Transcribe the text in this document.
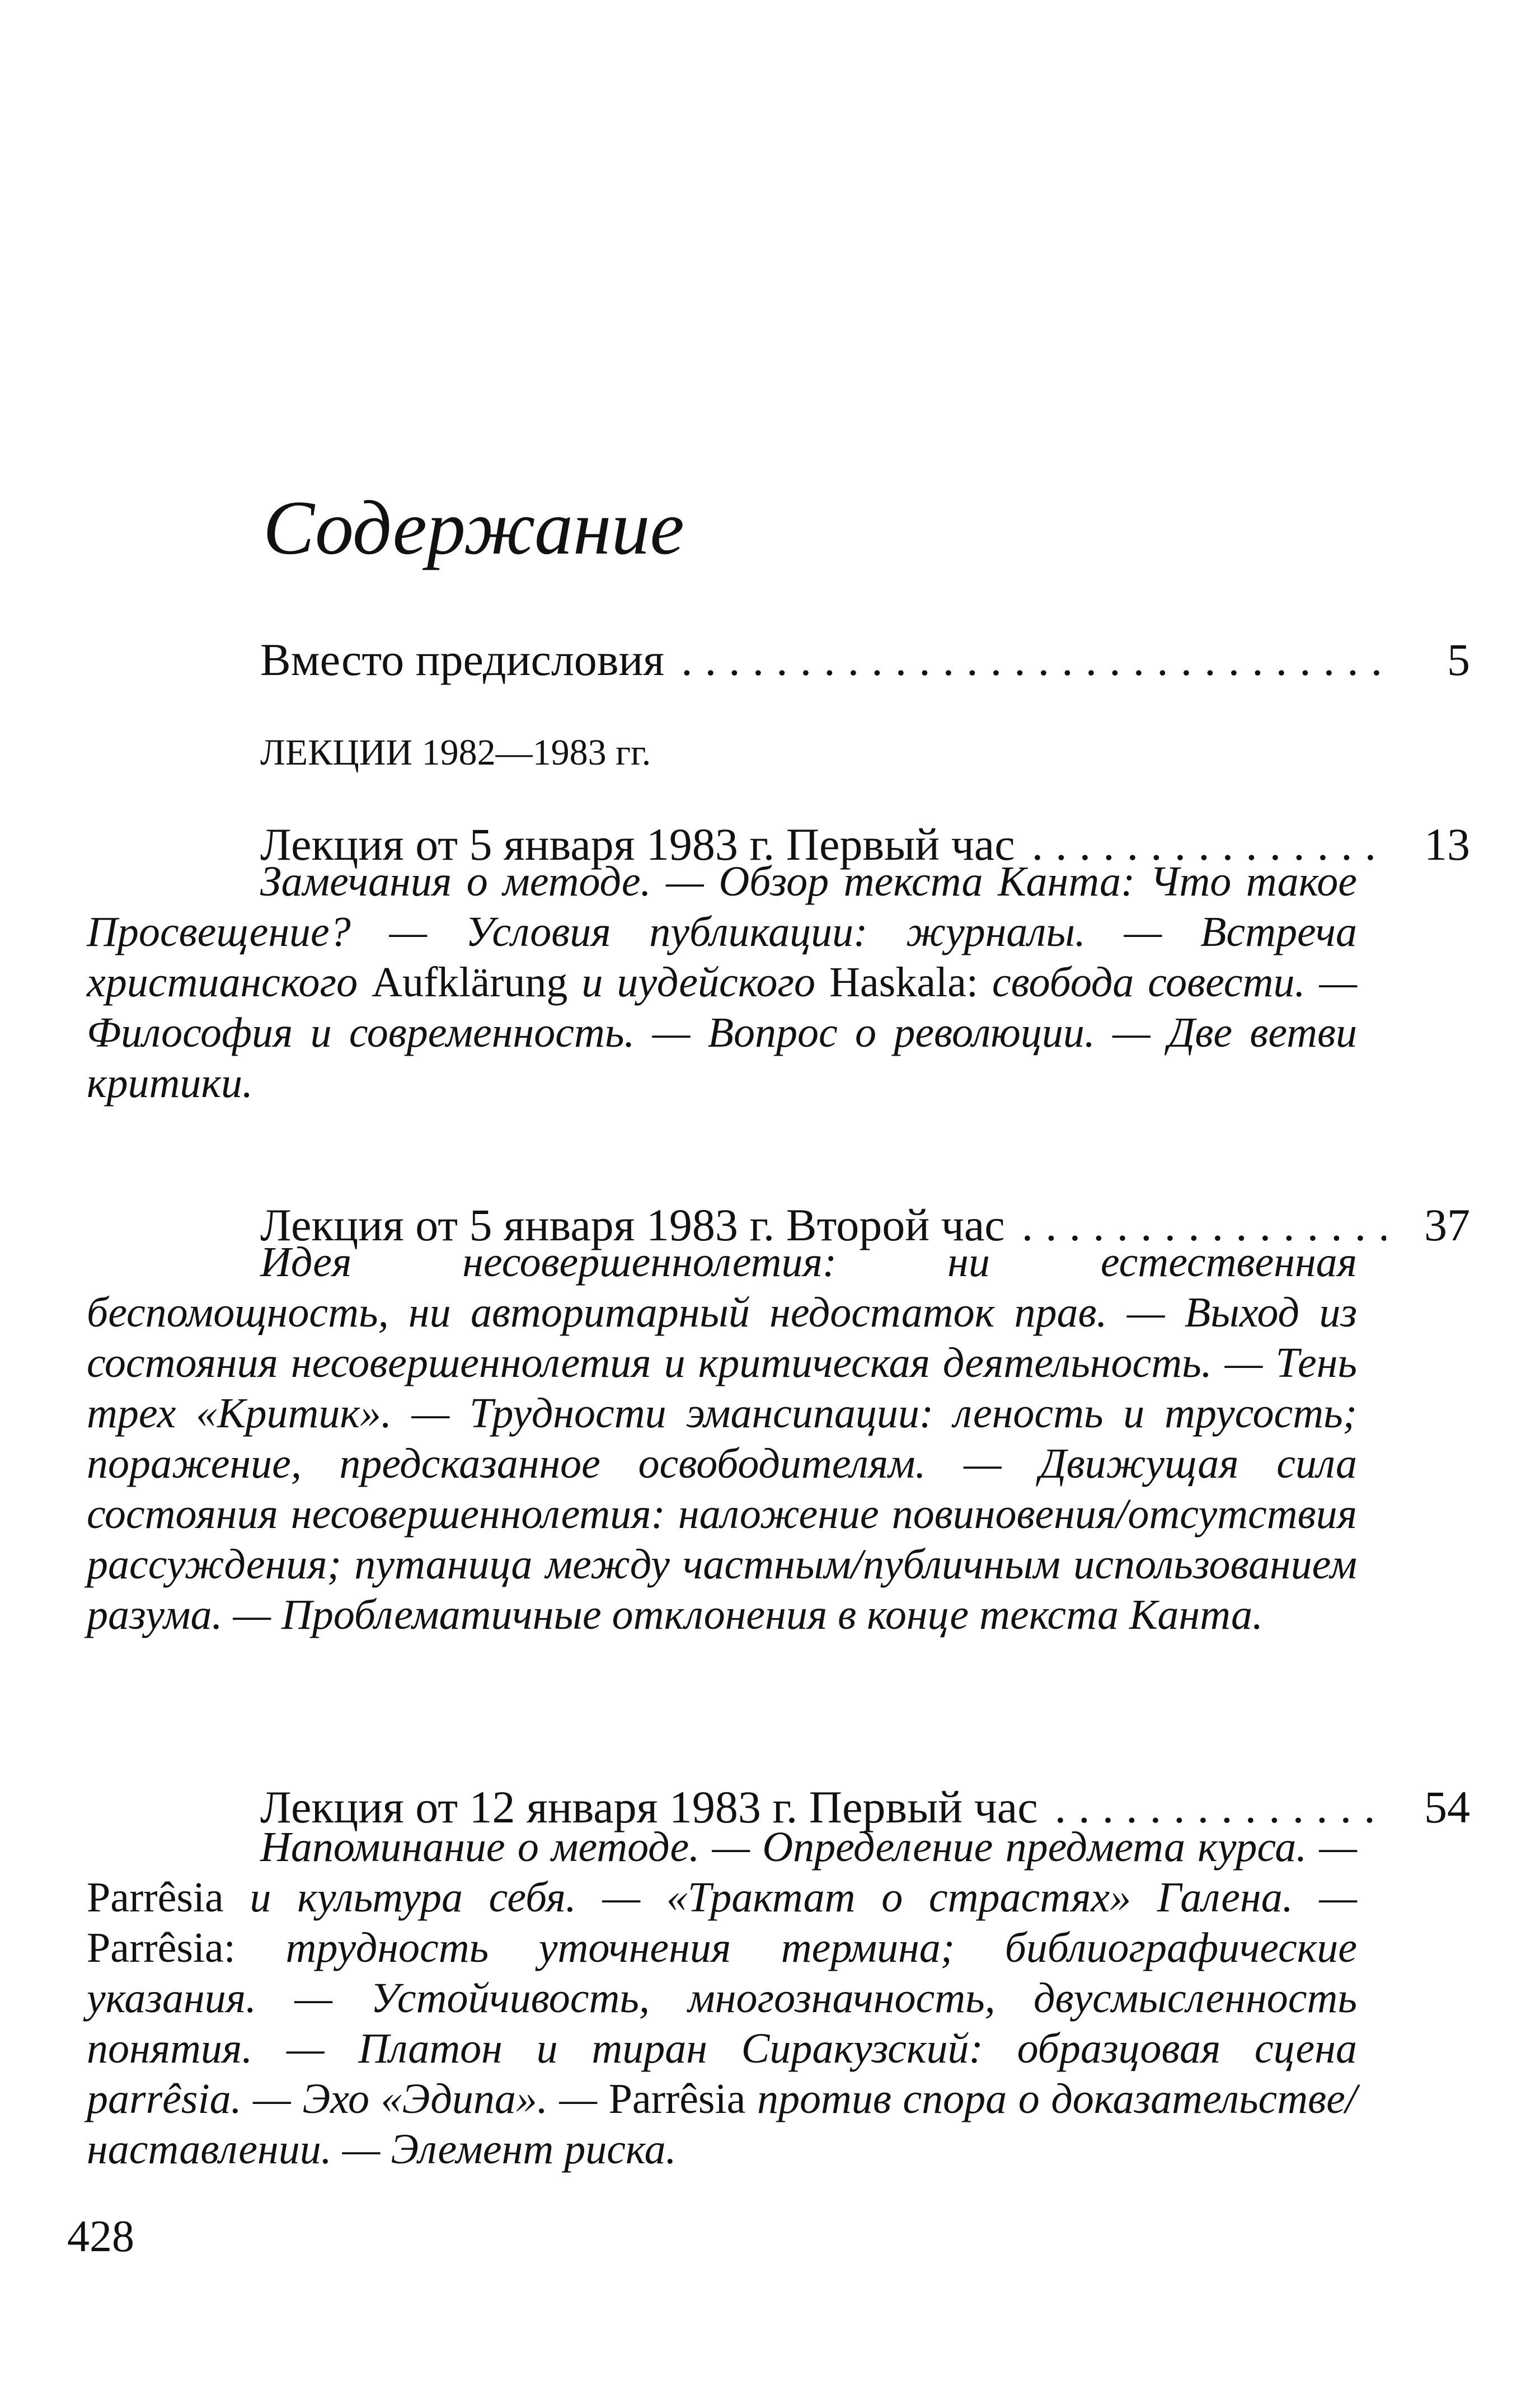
Содержание
Вместо предисловия .....	5
ЛЕКЦИИ 1982—1983 гг.
Лекция от 5 января 1983 г. Первый час .....	13

Замечания о методе. — Обзор текста Канта: Что такое Просвещение? — Условия публикации: журналы. — Встреча христианского Aufklärung и иудейского Haskala: свобода совести. — Философия и современность. — Вопрос о революции. — Две ветви критики.

Лекция от 5 января 1983 г. Второй час .....	37

Идея несовершеннолетия: ни естественная беспомощность, ни авторитарный недостаток прав. — Выход из состояния несовершеннолетия и критическая деятельность. — Тень трех «Критик». — Трудности эмансипации: леность и трусость; поражение, предсказанное освободителям. — Движущая сила состояния несовершеннолетия: наложение повиновения/отсутствия рассуждения; путаница между частным/публичным использованием разума. — Проблематичные отклонения в конце текста Канта.

Лекция от 12 января 1983 г. Первый час .....	54

Напоминание о методе. — Определение предмета курса. — Parrêsia и культура себя. — «Трактат о страстях» Галена. — Parrêsia: трудность уточнения термина; библиографические указания. — Устойчивость, многозначность, двусмысленность понятия. — Платон и тиран Сиракузский: образцовая сцена parrêsia. — Эхо «Эдипа». — Parrêsia против спора о доказательстве/наставлении. — Элемент риска.

428
